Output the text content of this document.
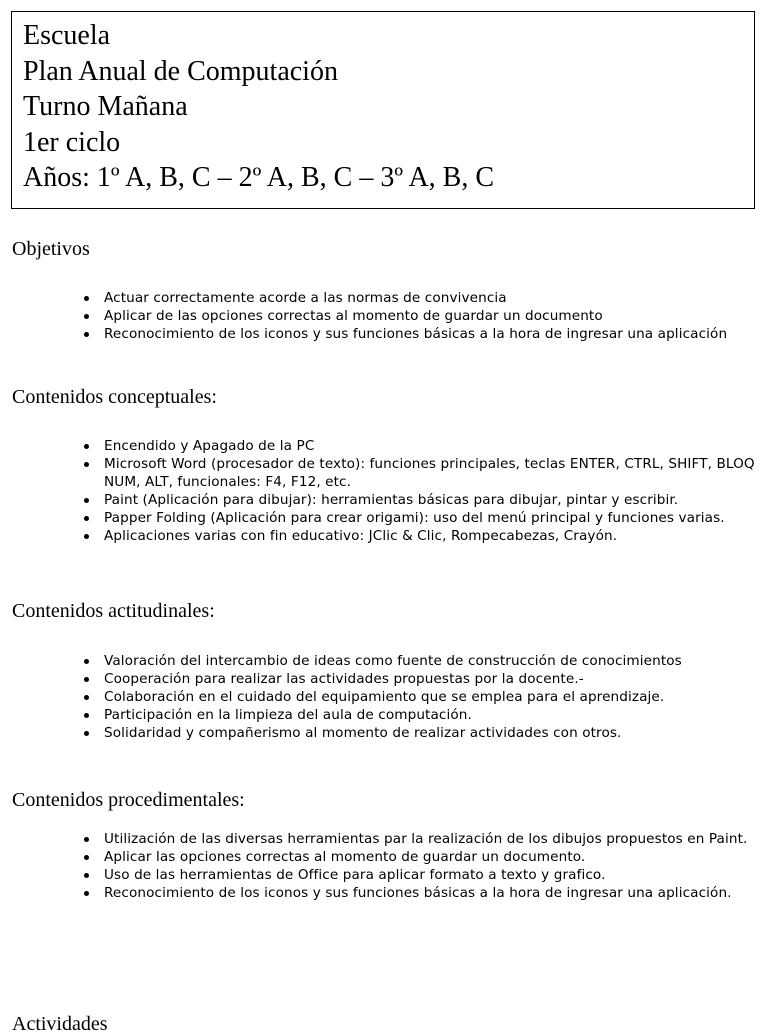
Escuela
Plan Anual de Computación
Turno Mañana
1er ciclo
Años: 1º A, B, C – 2º A, B, C – 3º A, B, C
Objetivos
Actuar correctamente acorde a las normas de convivencia
Aplicar de las opciones correctas al momento de guardar un documento
Reconocimiento de los iconos y sus funciones básicas a la hora de ingresar una aplicación
Contenidos conceptuales:
Encendido y Apagado de la PC
Microsoft Word (procesador de texto): funciones principales, teclas ENTER, CTRL, SHIFT, BLOQ NUM, ALT, funcionales: F4, F12, etc.
Paint (Aplicación para dibujar): herramientas básicas para dibujar, pintar y escribir.
Papper Folding (Aplicación para crear origami): uso del menú principal y funciones varias.
Aplicaciones varias con fin educativo: JClic & Clic, Rompecabezas, Crayón.
Contenidos actitudinales:
Valoración del intercambio de ideas como fuente de construcción de conocimientos
Cooperación para realizar las actividades propuestas por la docente.-
Colaboración en el cuidado del equipamiento que se emplea para el aprendizaje.
Participación en la limpieza del aula de computación.
Solidaridad y compañerismo al momento de realizar actividades con otros.
Contenidos procedimentales:
Utilización de las diversas herramientas par la realización de los dibujos propuestos en Paint.
Aplicar las opciones correctas al momento de guardar un documento.
Uso de las herramientas de Office para aplicar formato a texto y grafico.
Reconocimiento de los iconos y sus funciones básicas a la hora de ingresar una aplicación.
Actividades
